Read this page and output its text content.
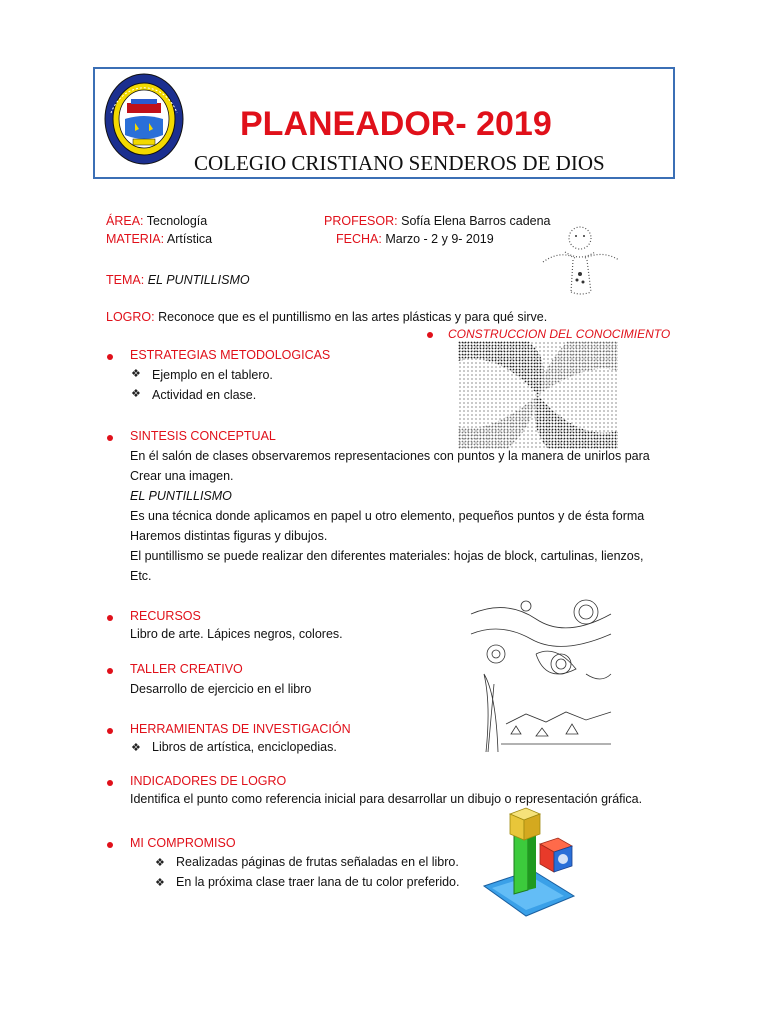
PLANEADOR- 2019
COLEGIO CRISTIANO SENDEROS DE DIOS
ÁREA: Tecnología	PROFESOR: Sofía Elena Barros cadena
MATERIA: Artística	FECHA: Marzo - 2 y 9- 2019
TEMA: EL PUNTILLISMO
LOGRO: Reconoce que es el puntillismo en las artes plásticas y para qué sirve.
CONSTRUCCION DEL CONOCIMIENTO
ESTRATEGIAS METODOLOGICAS
❖ Ejemplo en el tablero.
❖ Actividad en clase.
SINTESIS CONCEPTUAL
En él salón de clases observaremos representaciones con puntos y la manera de unirlos para
Crear una imagen.
EL PUNTILLISMO
Es una técnica donde aplicamos en papel u otro elemento, pequeños puntos y de ésta forma
Haremos distintas figuras y dibujos.
El puntillismo se puede realizar den diferentes materiales: hojas de block, cartulinas, lienzos,
Etc.
RECURSOS
Libro de arte. Lápices negros, colores.
TALLER CREATIVO
Desarrollo de ejercicio en el libro
HERRAMIENTAS DE INVESTIGACIÓN
❖ Libros de artística, enciclopedias.
INDICADORES DE LOGRO
Identifica el punto como referencia inicial para desarrollar un dibujo o representación gráfica.
MI COMPROMISO
❖ Realizadas páginas de frutas señaladas en el libro.
❖ En la próxima clase traer lana de tu color preferido.
